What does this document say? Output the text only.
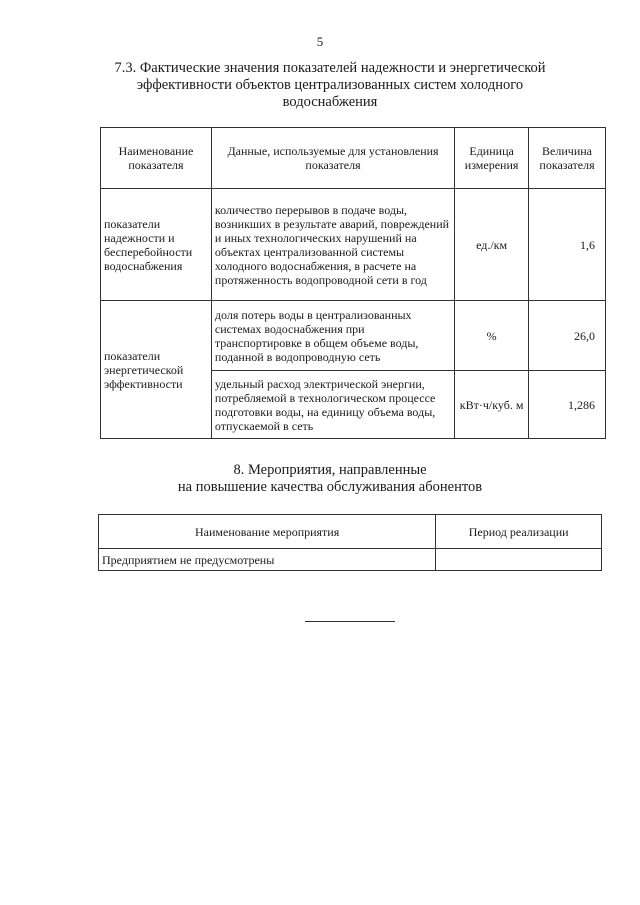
5
7.3. Фактические значения показателей надежности и энергетической
эффективности объектов централизованных систем холодного
водоснабжения
Наименование показателя	Данные, используемые для установления показателя	Единица измерения	Величина показателя
показатели надежности и бесперебойности водоснабжения	количество перерывов в подаче воды, возникших в результате аварий, повреждений и иных технологических нарушений на объектах централизованной системы холодного водоснабжения, в расчете на протяженность водопроводной сети в год	ед./км	1,6
показатели энергетической эффективности	доля потерь воды в централизованных системах водоснабжения при транспортировке в общем объеме воды, поданной в водопроводную сеть	%	26,0
	удельный расход электрической энергии, потребляемой в технологическом процессе подготовки воды, на единицу объема воды, отпускаемой в сеть	кВт·ч/куб. м	1,286
8. Мероприятия, направленные
на повышение качества обслуживания абонентов
Наименование мероприятия	Период реализации
Предприятием не предусмотрены	
